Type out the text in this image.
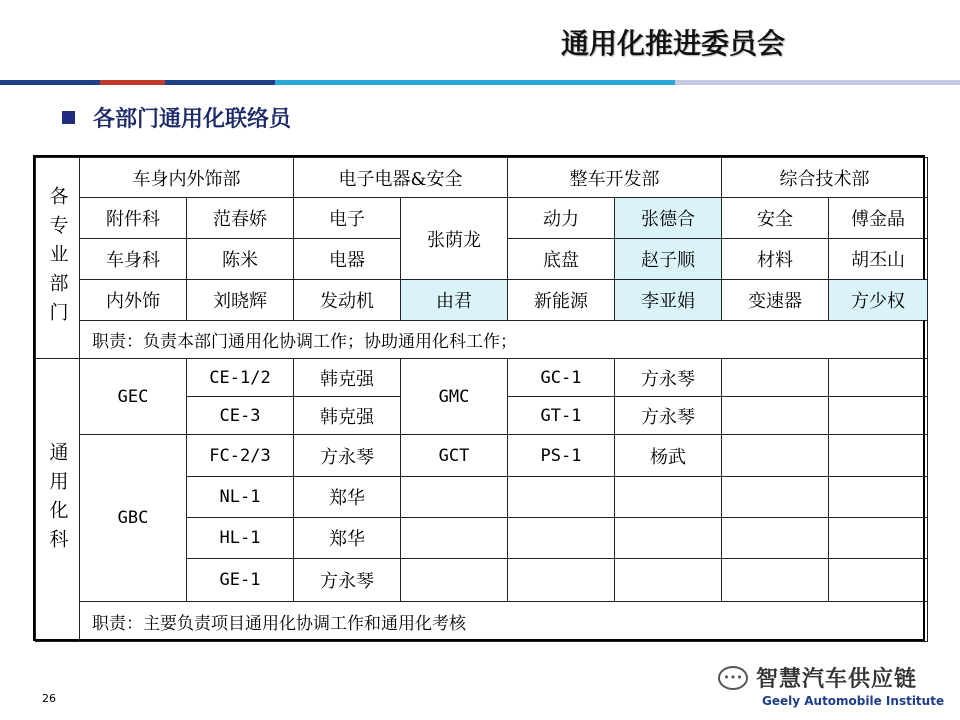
通用化推进委员会
各部门通用化联络员
各专业部门	车身内外饰部		电子电器&安全		整车开发部		综合技术部	
	附件科	范春娇	电子	张荫龙	动力	张德合	安全	傅金晶
	车身科	陈米	电器		底盘	赵子顺	材料	胡丕山
	内外饰	刘晓辉	发动机	由君	新能源	李亚娟	变速器	方少权
	职责：负责本部门通用化协调工作；协助通用化科工作；							
通用化科	GEC	CE-1/2	韩克强	GMC	GC-1	方永琴		
		CE-3	韩克强		GT-1	方永琴		
	GBC	FC-2/3	方永琴	GCT	PS-1	杨武		
		NL-1	郑华					
		HL-1	郑华					
		GE-1	方永琴					
	职责：主要负责项目通用化协调工作和通用化考核							
26
••• 智慧汽车供应链
Geely Automobile Institute
